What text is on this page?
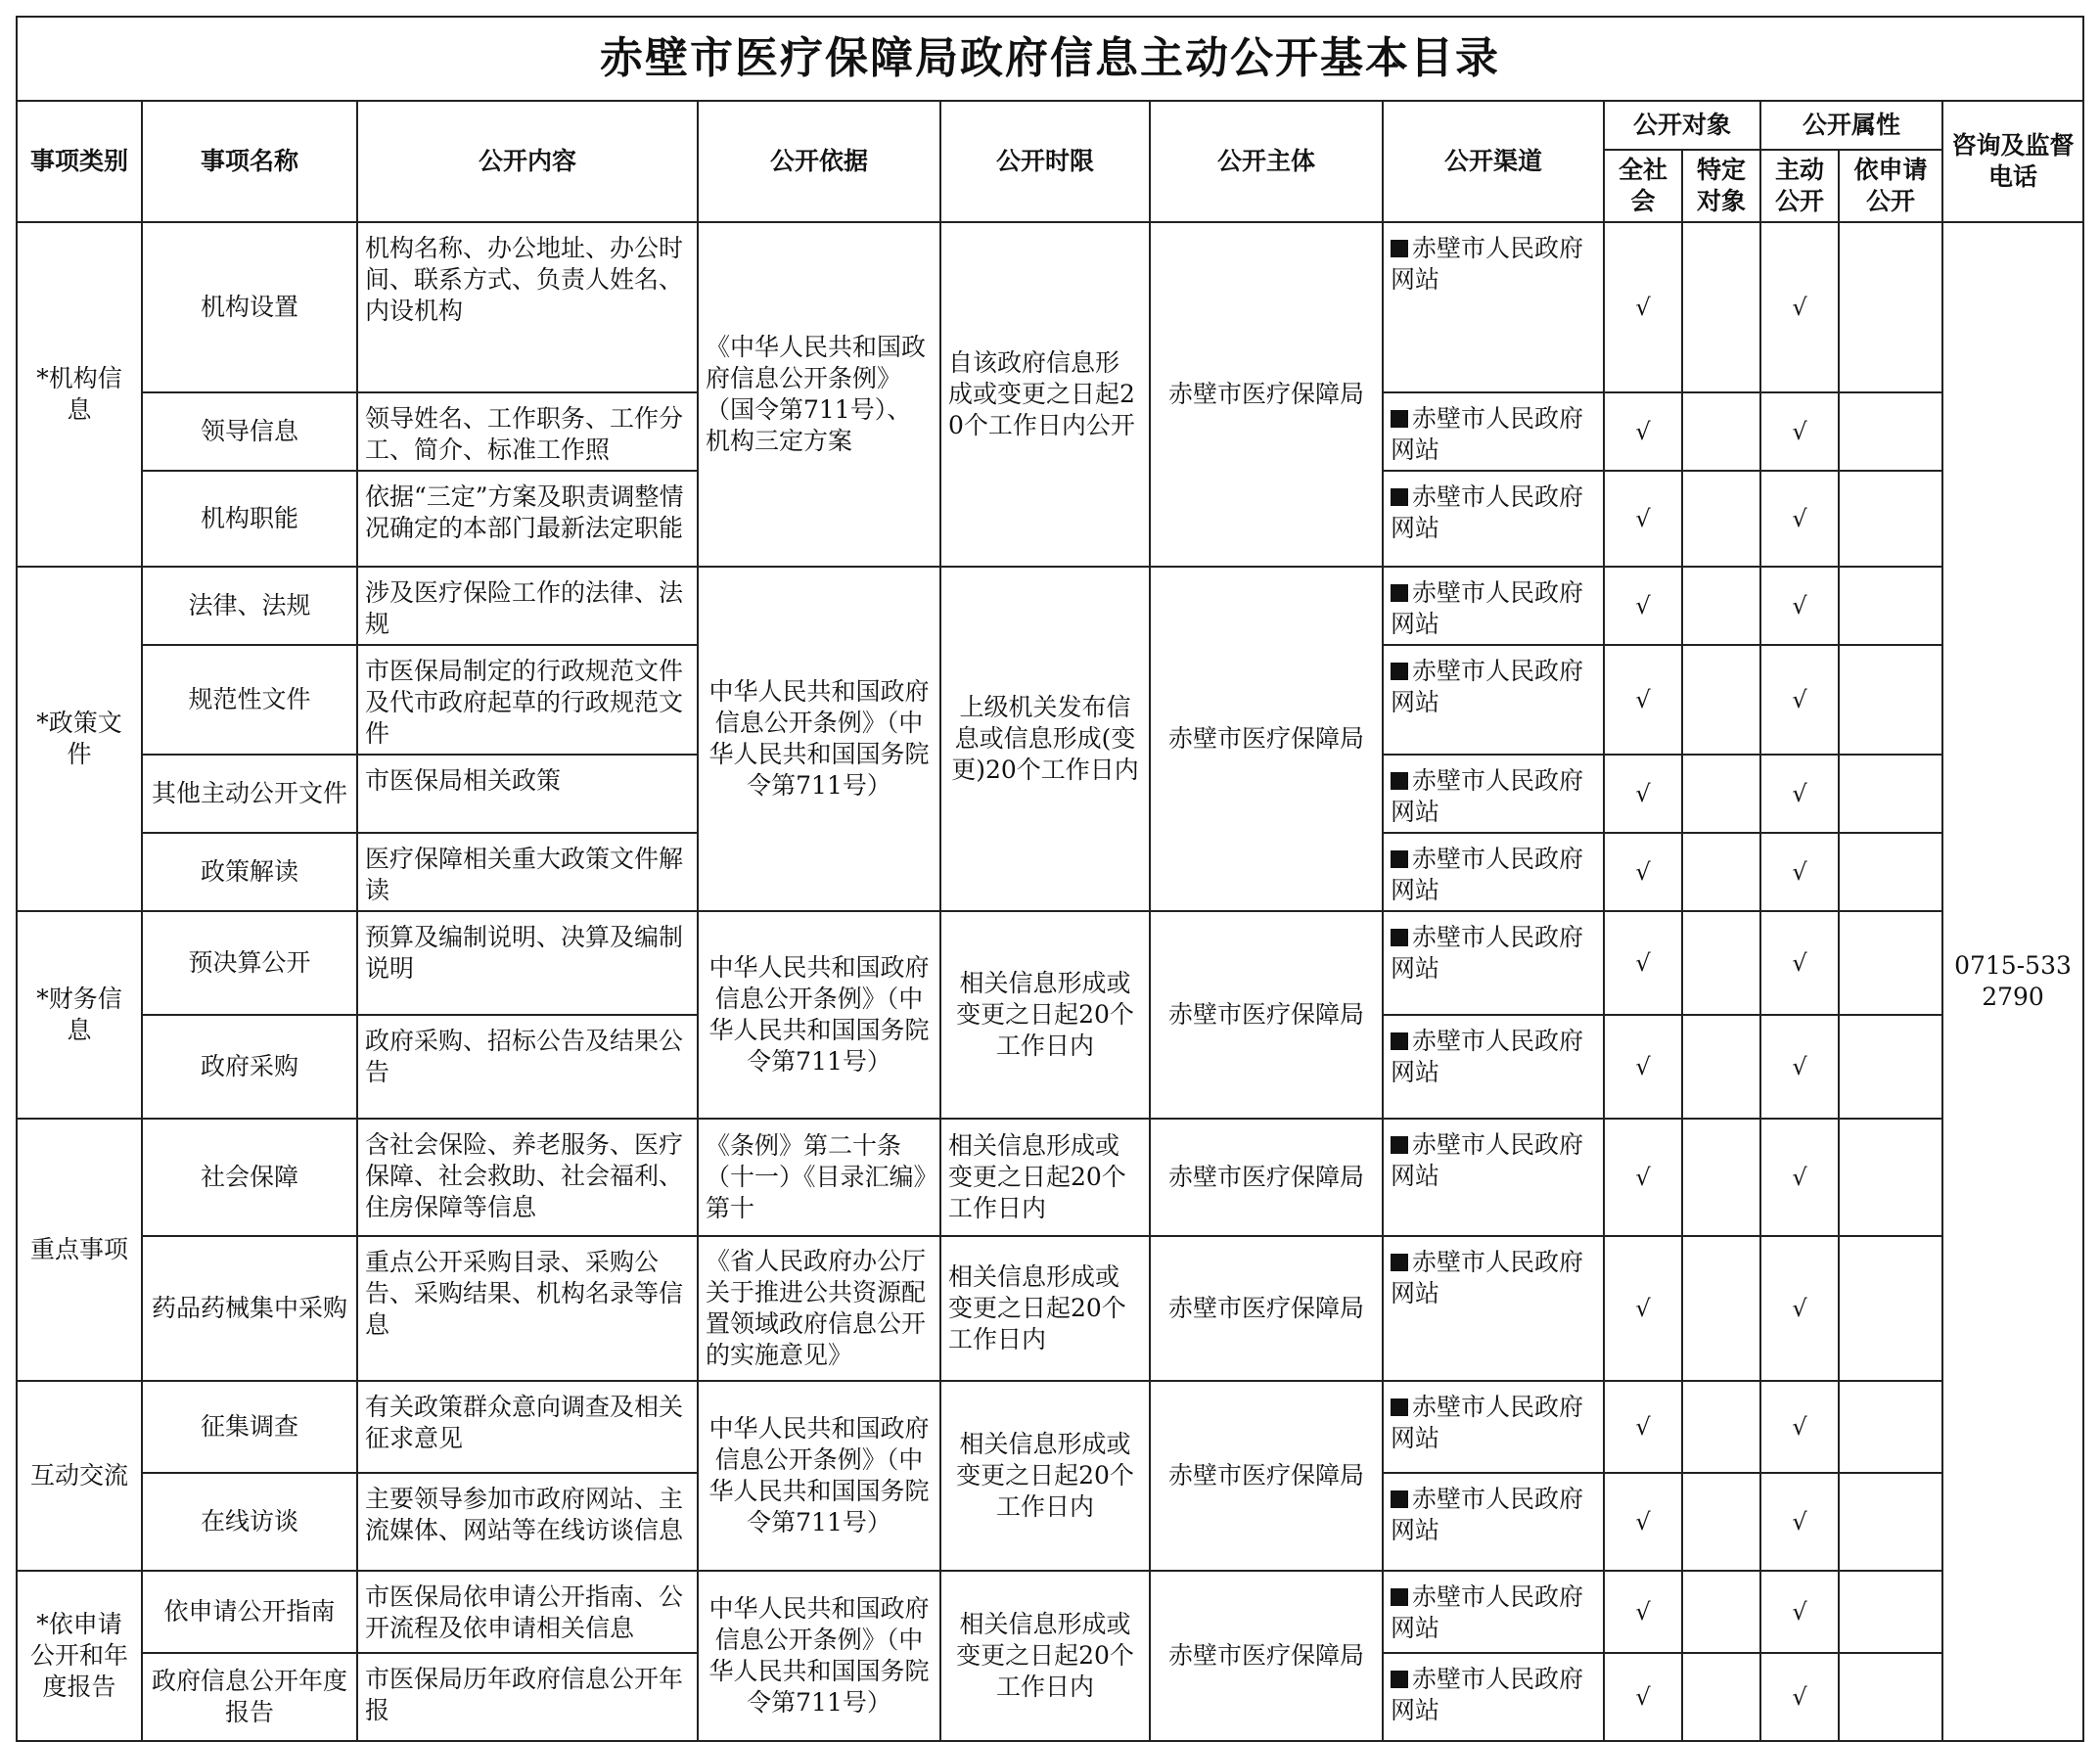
赤壁市医疗保障局政府信息主动公开基本目录											
事项类别	事项名称	公开内容	公开依据	公开时限	公开主体	公开渠道	公开对象		公开属性		咨询及监督电话
							全社会	特定对象	主动公开	依申请公开	
*机构信息	机构设置	机构名称、办公地址、办公时间、联系方式、负责人姓名、内设机构	《中华人民共和国政府信息公开条例》（国令第711号）、机构三定方案	自该政府信息形成或变更之日起20个工作日内公开	赤壁市医疗保障局	赤壁市人民政府网站	√		√		0715-5332790
	领导信息	领导姓名、工作职务、工作分工、简介、标准工作照				赤壁市人民政府网站	√		√		
	机构职能	依据“三定”方案及职责调整情况确定的本部门最新法定职能				赤壁市人民政府网站	√		√		
*政策文件	法律、法规	涉及医疗保险工作的法律、法规	中华人民共和国政府信息公开条例》（中华人民共和国国务院令第711号）	上级机关发布信息或信息形成(变更)20个工作日内	赤壁市医疗保障局	赤壁市人民政府网站	√		√		
	规范性文件	市医保局制定的行政规范文件及代市政府起草的行政规范文件				赤壁市人民政府网站	√		√		
	其他主动公开文件	市医保局相关政策				赤壁市人民政府网站	√		√		
	政策解读	医疗保障相关重大政策文件解读				赤壁市人民政府网站	√		√		
*财务信息	预决算公开	预算及编制说明、决算及编制说明	中华人民共和国政府信息公开条例》（中华人民共和国国务院令第711号）	相关信息形成或变更之日起20个工作日内	赤壁市医疗保障局	赤壁市人民政府网站	√		√		
	政府采购	政府采购、招标公告及结果公告				赤壁市人民政府网站	√		√		
重点事项	社会保障	含社会保险、养老服务、医疗保障、社会救助、社会福利、住房保障等信息	《条例》第二十条（十一）《目录汇编》第十	相关信息形成或变更之日起20个工作日内	赤壁市医疗保障局	赤壁市人民政府网站	√		√		
	药品药械集中采购	重点公开采购目录、采购公告、采购结果、机构名录等信息	《省人民政府办公厅关于推进公共资源配置领域政府信息公开的实施意见》	相关信息形成或变更之日起20个工作日内	赤壁市医疗保障局	赤壁市人民政府网站	√		√		
互动交流	征集调查	有关政策群众意向调查及相关征求意见	中华人民共和国政府信息公开条例》（中华人民共和国国务院令第711号）	相关信息形成或变更之日起20个工作日内	赤壁市医疗保障局	赤壁市人民政府网站	√		√		
	在线访谈	主要领导参加市政府网站、主流媒体、网站等在线访谈信息				赤壁市人民政府网站	√		√		
*依申请公开和年度报告	依申请公开指南	市医保局依申请公开指南、公开流程及依申请相关信息	中华人民共和国政府信息公开条例》（中华人民共和国国务院令第711号）	相关信息形成或变更之日起20个工作日内	赤壁市医疗保障局	赤壁市人民政府网站	√		√		
	政府信息公开年度报告	市医保局历年政府信息公开年报				赤壁市人民政府网站	√		√		
